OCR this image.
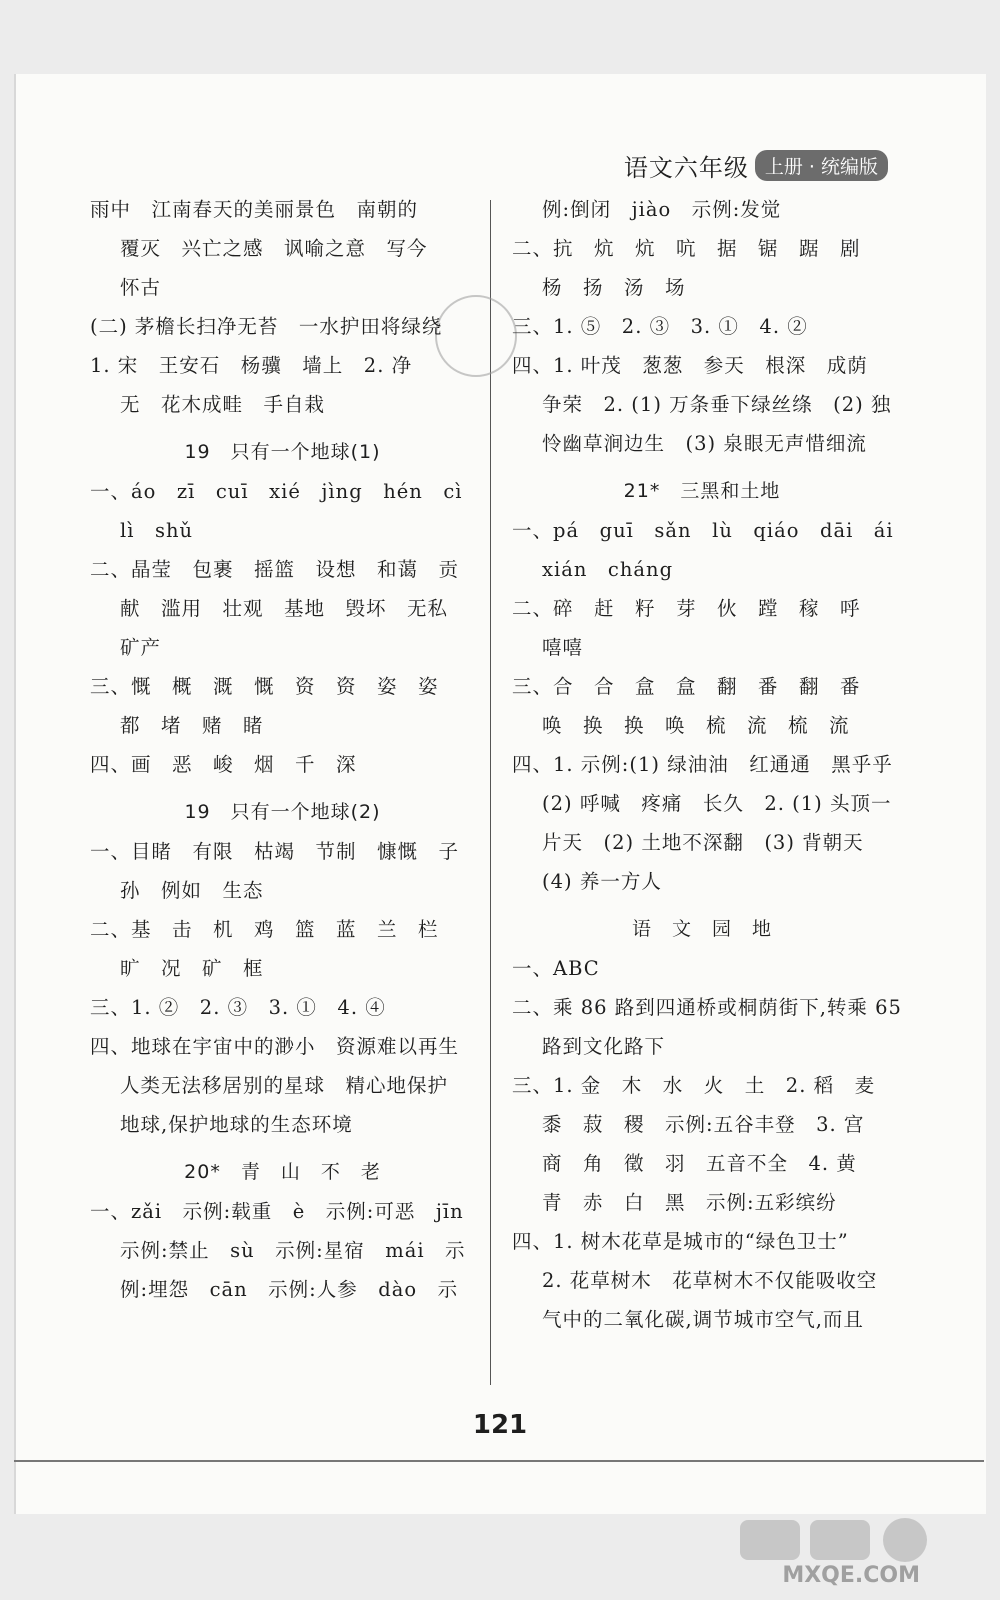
语文六年级 上册 · 统编版
雨中　江南春天的美丽景色　南朝的
覆灭　兴亡之感　讽喻之意　写今
怀古
(二) 茅檐长扫净无苔　一水护田将绿绕
1. 宋　王安石　杨骥　墙上　2. 净
无　花木成畦　手自栽
19　只有一个地球(1)
一、áo　zī　cuī　xié　jìng　hén　cì
lì　shǔ
二、晶莹　包裹　摇篮　设想　和蔼　贡
献　滥用　壮观　基地　毁坏　无私
矿产
三、慨　概　溉　慨　资　资　姿　姿
都　堵　赌　睹
四、画　恶　峻　烟　千　深
19　只有一个地球(2)
一、目睹　有限　枯竭　节制　慷慨　子
孙　例如　生态
二、基　击　机　鸡　篮　蓝　兰　栏
旷　况　矿　框
三、1. ②　2. ③　3. ①　4. ④
四、地球在宇宙中的渺小　资源难以再生
人类无法移居别的星球　精心地保护
地球,保护地球的生态环境
20*　青　山　不　老
一、zǎi　示例:载重　è　示例:可恶　jīn
示例:禁止　sù　示例:星宿　mái　示
例:埋怨　cān　示例:人参　dào　示
例:倒闭　jiào　示例:发觉
二、抗　炕　炕　吭　据　锯　踞　剧
杨　扬　汤　场
三、1. ⑤　2. ③　3. ①　4. ②
四、1. 叶茂　葱葱　参天　根深　成荫
争荣　2. (1) 万条垂下绿丝绦　(2) 独
怜幽草涧边生　(3) 泉眼无声惜细流
21*　三黑和土地
一、pá　guī　sǎn　lù　qiáo　dāi　ái
xián　cháng
二、碎　赶　籽　芽　伙　蹚　稼　呼
嘻嘻
三、合　合　盒　盒　翻　番　翻　番
唤　换　换　唤　梳　流　梳　流
四、1. 示例:(1) 绿油油　红通通　黑乎乎
(2) 呼喊　疼痛　长久　2. (1) 头顶一
片天　(2) 土地不深翻　(3) 背朝天
(4) 养一方人
语　文　园　地
一、ABC
二、乘 86 路到四通桥或桐荫街下,转乘 65
路到文化路下
三、1. 金　木　水　火　土　2. 稻　麦
黍　菽　稷　示例:五谷丰登　3. 宫
商　角　徵　羽　五音不全　4. 黄
青　赤　白　黑　示例:五彩缤纷
四、1. 树木花草是城市的“绿色卫士”
2. 花草树木　花草树木不仅能吸收空
气中的二氧化碳,调节城市空气,而且
121
MXQE.COM
